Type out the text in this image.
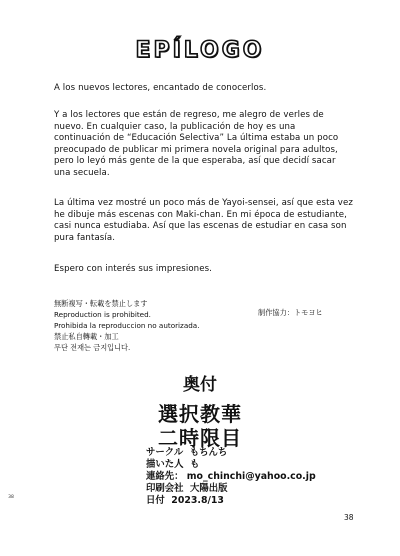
EPÍLOGO

A los nuevos lectores, encantado de conocerlos.

Y a los lectores que están de regreso, me alegro de verles de nuevo. En cualquier caso, la publicación de hoy es una continuación de “Educación Selectiva” La última estaba un poco preocupado de publicar mi primera novela original para adultos, pero lo leyó más gente de la que esperaba, así que decidí sacar una secuela.

La última vez mostré un poco más de Yayoi-sensei, así que esta vez he dibuje más escenas con Maki-chan. En mi época de estudiante, casi nunca estudiaba. Así que las escenas de estudiar en casa son pura fantasía.

Espero con interés sus impresiones.

無断複写・転載を禁止します
Reproduction is prohibited.
Prohibida la reproduccion no autorizada.
禁止私自轉載・加工
무단 전재는 금지입니다.
制作協力：トモヨヒ
奥付
選択教華
二時限目
サークル もちんち
描いた人 も
連絡先： mo_chinchi@yahoo.co.jp
印刷会社 大陽出版
日付 2023.8/13
38
38
